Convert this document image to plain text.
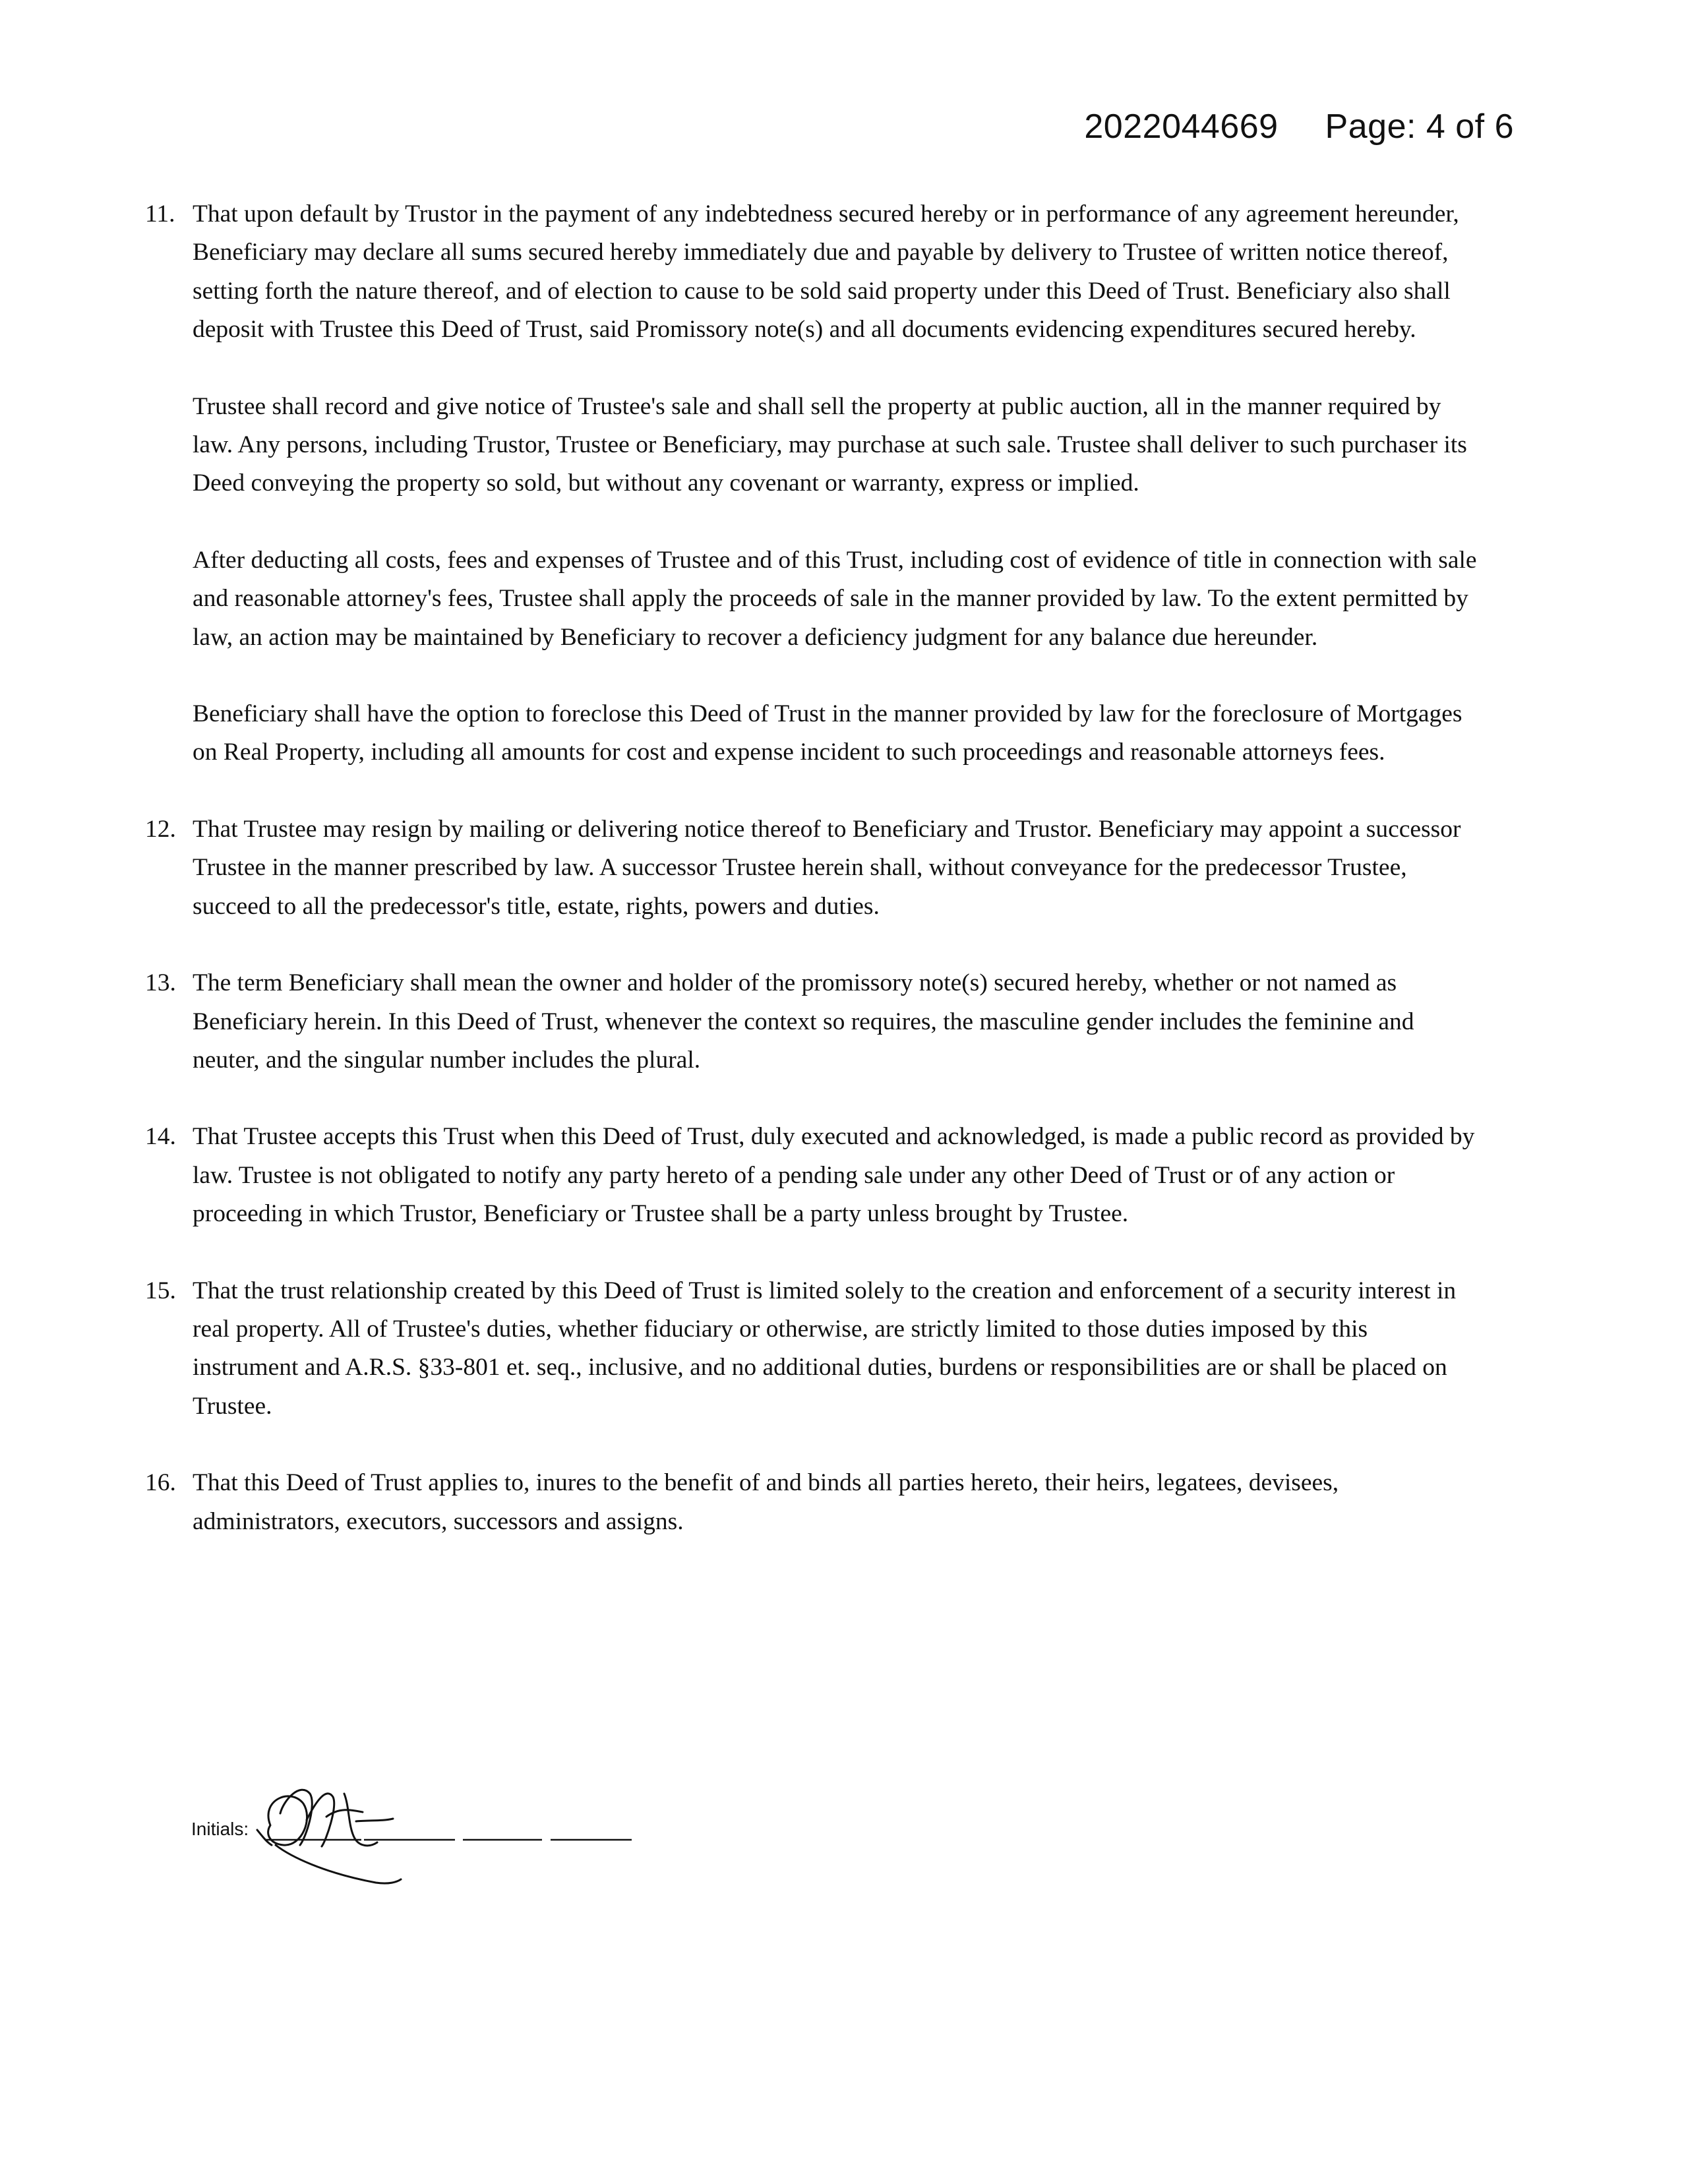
2022044669 Page: 4 of 6
11. That upon default by Trustor in the payment of any indebtedness secured hereby or in performance of any agreement hereunder, Beneficiary may declare all sums secured hereby immediately due and payable by delivery to Trustee of written notice thereof, setting forth the nature thereof, and of election to cause to be sold said property under this Deed of Trust. Beneficiary also shall deposit with Trustee this Deed of Trust, said Promissory note(s) and all documents evidencing expenditures secured hereby.

Trustee shall record and give notice of Trustee's sale and shall sell the property at public auction, all in the manner required by law. Any persons, including Trustor, Trustee or Beneficiary, may purchase at such sale. Trustee shall deliver to such purchaser its Deed conveying the property so sold, but without any covenant or warranty, express or implied.

After deducting all costs, fees and expenses of Trustee and of this Trust, including cost of evidence of title in connection with sale and reasonable attorney's fees, Trustee shall apply the proceeds of sale in the manner provided by law. To the extent permitted by law, an action may be maintained by Beneficiary to recover a deficiency judgment for any balance due hereunder.

Beneficiary shall have the option to foreclose this Deed of Trust in the manner provided by law for the foreclosure of Mortgages on Real Property, including all amounts for cost and expense incident to such proceedings and reasonable attorneys fees.

12. That Trustee may resign by mailing or delivering notice thereof to Beneficiary and Trustor. Beneficiary may appoint a successor Trustee in the manner prescribed by law. A successor Trustee herein shall, without conveyance for the predecessor Trustee, succeed to all the predecessor's title, estate, rights, powers and duties.

13. The term Beneficiary shall mean the owner and holder of the promissory note(s) secured hereby, whether or not named as Beneficiary herein. In this Deed of Trust, whenever the context so requires, the masculine gender includes the feminine and neuter, and the singular number includes the plural.

14. That Trustee accepts this Trust when this Deed of Trust, duly executed and acknowledged, is made a public record as provided by law. Trustee is not obligated to notify any party hereto of a pending sale under any other Deed of Trust or of any action or proceeding in which Trustor, Beneficiary or Trustee shall be a party unless brought by Trustee.

15. That the trust relationship created by this Deed of Trust is limited solely to the creation and enforcement of a security interest in real property. All of Trustee's duties, whether fiduciary or otherwise, are strictly limited to those duties imposed by this instrument and A.R.S. §33-801 et. seq., inclusive, and no additional duties, burdens or responsibilities are or shall be placed on Trustee.

16. That this Deed of Trust applies to, inures to the benefit of and binds all parties hereto, their heirs, legatees, devisees, administrators, executors, successors and assigns.

Initials:
